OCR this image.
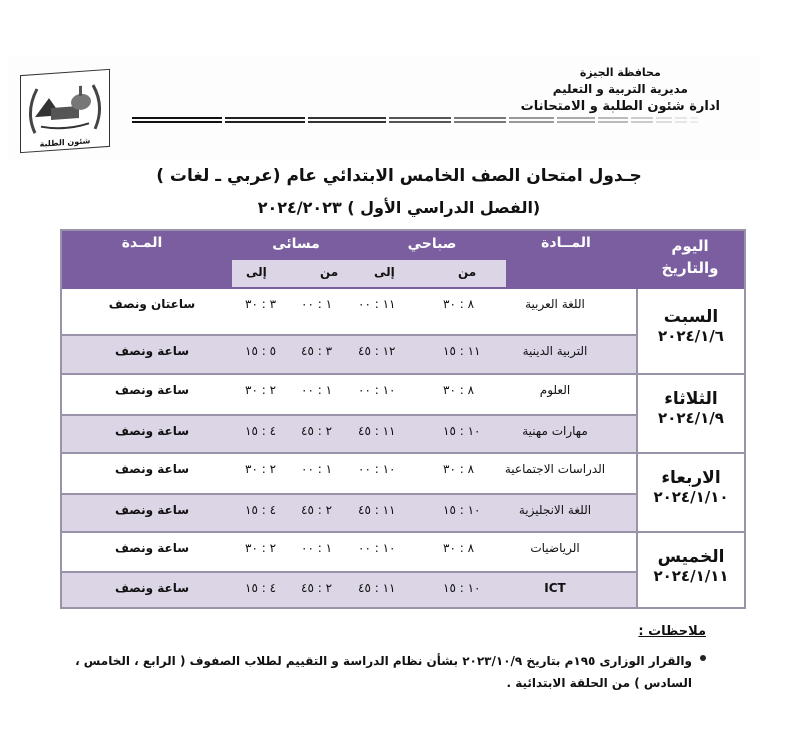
شئون الطلبة
محافظة الجيزة
مديرية التربية و التعليم
ادارة شئون الطلبة و الامتحانات
جـدول امتحان الصف الخامس الابتدائي عام (عربي ـ لغات )
(الفصل الدراسي الأول ) ٢٠٢٤/٢٠٢٣
اليوم والتاريخ
المــادة
صباحي
مسائى
المـدة
من
إلى
من
إلى
السبت
٢٠٢٤/١/٦
اللغة العربية
٨ : ٣٠
١١ : ٠٠
١ : ٠٠
٣ : ٣٠
ساعتان ونصف
التربية الدينية
١١ : ١٥
١٢ : ٤٥
٣ : ٤٥
٥ : ١٥
ساعة ونصف
الثلاثاء
٢٠٢٤/١/٩
العلوم
٨ : ٣٠
١٠ : ٠٠
١ : ٠٠
٢ : ٣٠
ساعة ونصف
مهارات مهنية
١٠ : ١٥
١١ : ٤٥
٢ : ٤٥
٤ : ١٥
ساعة ونصف
الاربعاء
٢٠٢٤/١/١٠
الدراسات الاجتماعية
٨ : ٣٠
١٠ : ٠٠
١ : ٠٠
٢ : ٣٠
ساعة ونصف
اللغة الانجليزية
١٠ : ١٥
١١ : ٤٥
٢ : ٤٥
٤ : ١٥
ساعة ونصف
الخميس
٢٠٢٤/١/١١
الرياضيات
٨ : ٣٠
١٠ : ٠٠
١ : ٠٠
٢ : ٣٠
ساعة ونصف
ICT
١٠ : ١٥
١١ : ٤٥
٢ : ٤٥
٤ : ١٥
ساعة ونصف
ملاحظات :
والقرار الوزارى ١٩٥م بتاريخ ٢٠٢٣/١٠/٩ بشأن نظام الدراسة و التقييم لطلاب الصفوف ( الرابع ، الخامس ، السادس ) من الحلقة الابتدائية .
